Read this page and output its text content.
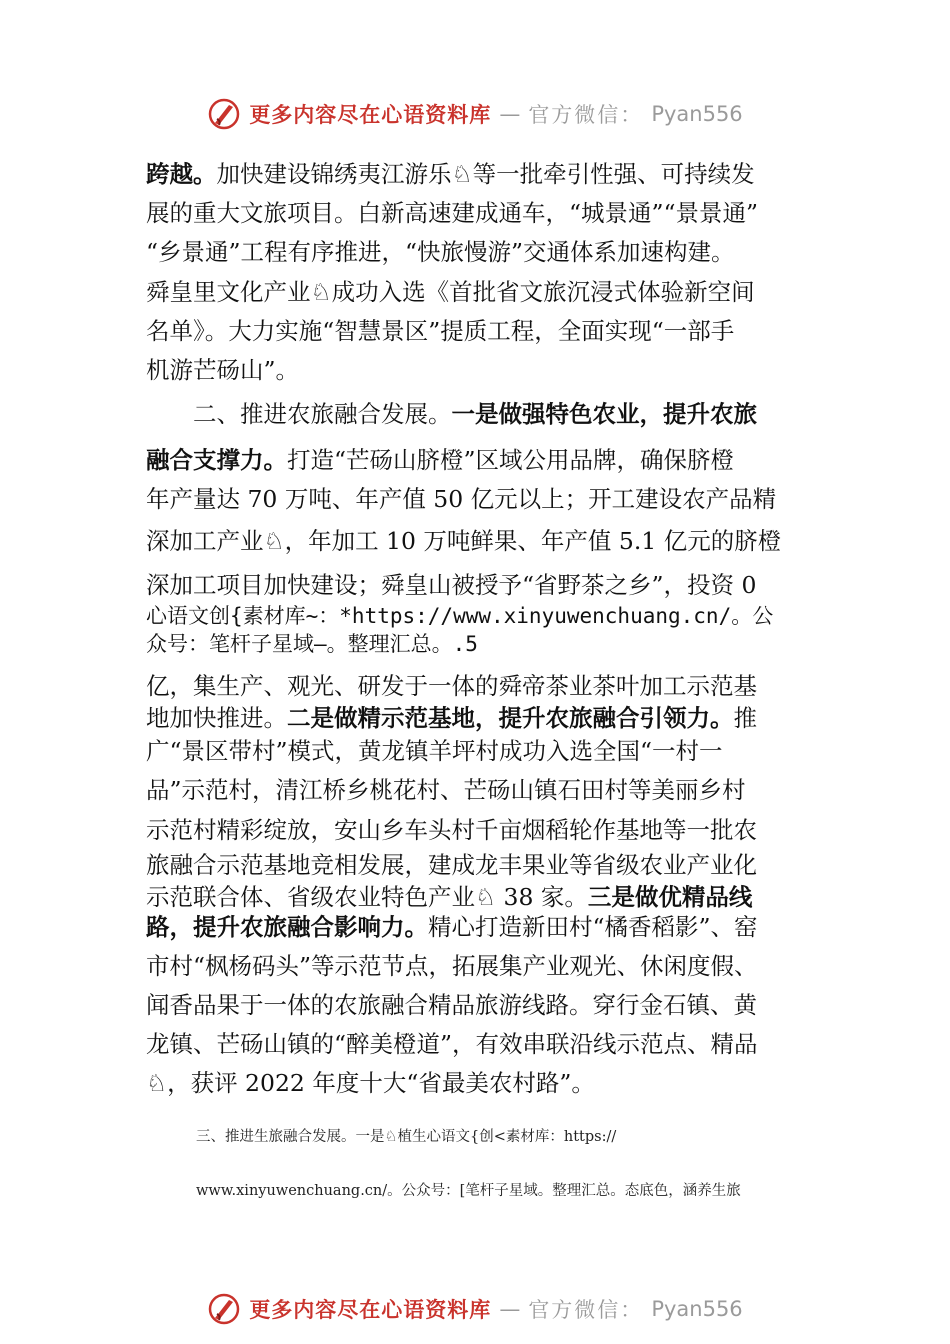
更多内容尽在心语资料库 — 官方微信： Pyan556
跨越。加快建设锦绣夷江游乐♘等一批牵引性强、可持续发
展的重大文旅项目。白新高速建成通车，“城景通”“景景通”
“乡景通”工程有序推进，“快旅慢游”交通体系加速构建。
舜皇里文化产业♘成功入选《首批省文旅沉浸式体验新空间
名单》。大力实施“智慧景区”提质工程，全面实现“一部手
机游芒砀山”。
　　二、推进农旅融合发展。一是做强特色农业，提升农旅
融合支撑力。打造“芒砀山脐橙”区域公用品牌，确保脐橙
年产量达 70 万吨、年产值 50 亿元以上；开工建设农产品精
深加工产业♘，年加工 10 万吨鲜果、年产值 5.1 亿元的脐橙
深加工项目加快建设；舜皇山被授予“省野茶之乡”，投资 0
心语文创{素材库~：*https://www.xinyuwenchuang.cn/。公
众号：笔杆子星域—。整理汇总。.5
亿，集生产、观光、研发于一体的舜帝茶业茶叶加工示范基
地加快推进。二是做精示范基地，提升农旅融合引领力。推
广“景区带村”模式，黄龙镇羊坪村成功入选全国“一村一
品”示范村，清江桥乡桃花村、芒砀山镇石田村等美丽乡村
示范村精彩绽放，安山乡车头村千亩烟稻轮作基地等一批农
旅融合示范基地竞相发展，建成龙丰果业等省级农业产业化
示范联合体、省级农业特色产业♘ 38 家。三是做优精品线
路，提升农旅融合影响力。精心打造新田村“橘香稻影”、窑
市村“枫杨码头”等示范节点，拓展集产业观光、休闲度假、
闻香品果于一体的农旅融合精品旅游线路。穿行金石镇、黄
龙镇、芒砀山镇的“醉美橙道”，有效串联沿线示范点、精品
♘，获评 2022 年度十大“省最美农村路”。
三、推进生旅融合发展。一是♘植生心语文{创<素材库：https://
www.xinyuwenchuang.cn/。公众号：[笔杆子星域。整理汇总。态底色，涵养生旅
更多内容尽在心语资料库 — 官方微信： Pyan556
